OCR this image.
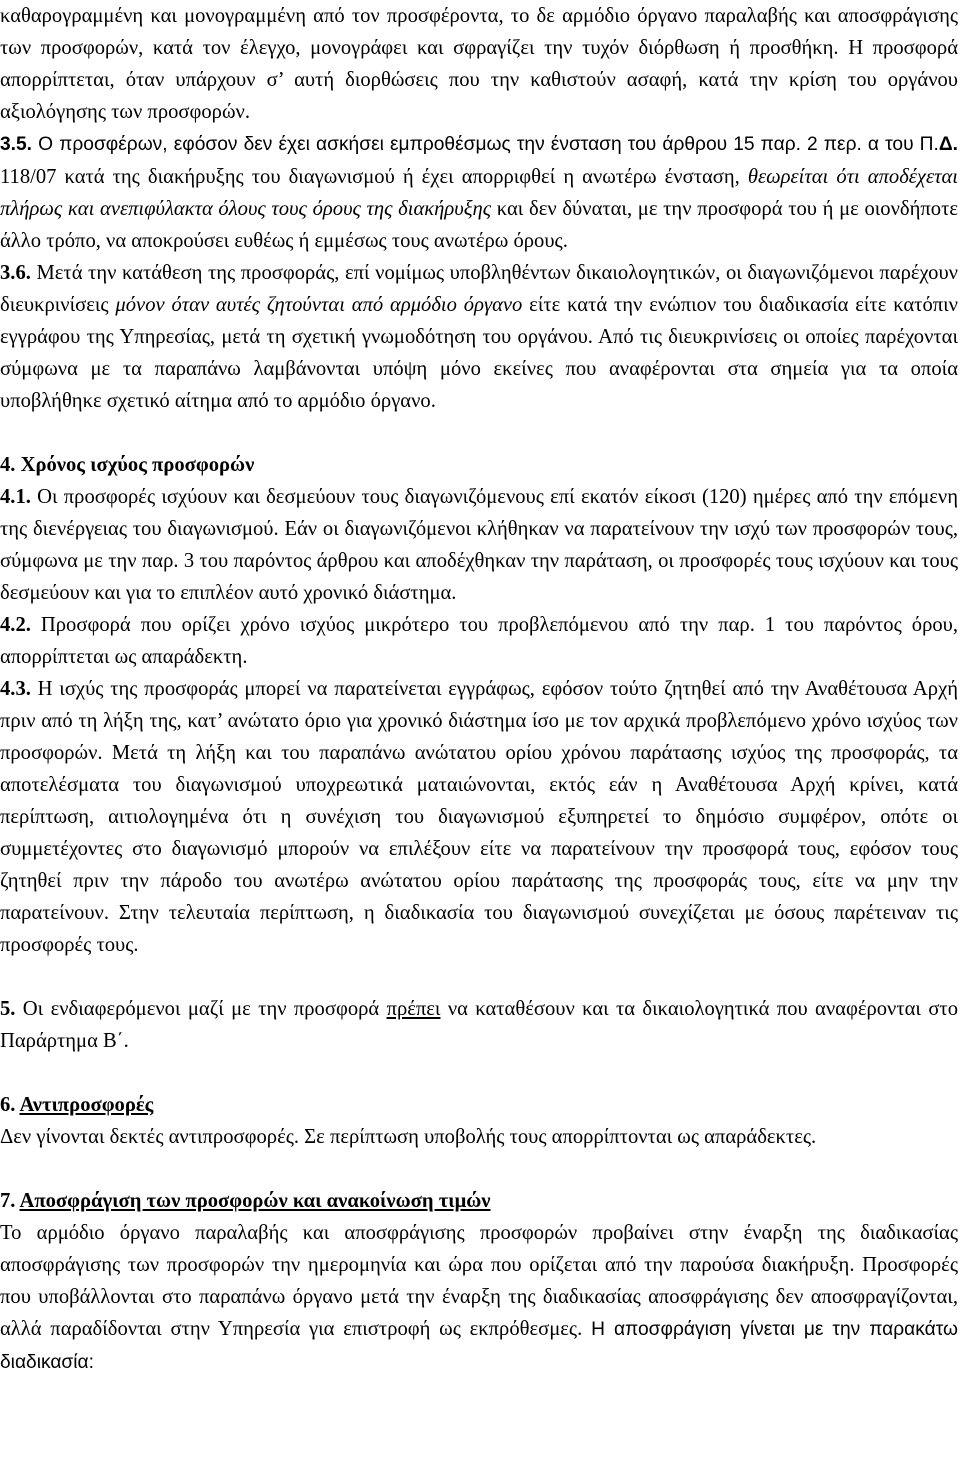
καθαρογραμμένη και μονογραμμένη από τον προσφέροντα, το δε αρμόδιο όργανο παραλαβής και αποσφράγισης των προσφορών, κατά τον έλεγχο, μονογράφει και σφραγίζει την τυχόν διόρθωση ή προσθήκη. Η προσφορά απορρίπτεται, όταν υπάρχουν σ’ αυτή διορθώσεις που την καθιστούν ασαφή, κατά την κρίση του οργάνου αξιολόγησης των προσφορών.

3.5. Ο προσφέρων, εφόσον δεν έχει ασκήσει εμπροθέσμως την ένσταση του άρθρου 15 παρ. 2 περ. α του Π.Δ. 118/07 κατά της διακήρυξης του διαγωνισμού ή έχει απορριφθεί η ανωτέρω ένσταση, θεωρείται ότι αποδέχεται πλήρως και ανεπιφύλακτα όλους τους όρους της διακήρυξης και δεν δύναται, με την προσφορά του ή με οιονδήποτε άλλο τρόπο, να αποκρούσει ευθέως ή εμμέσως τους ανωτέρω όρους.

3.6. Μετά την κατάθεση της προσφοράς, επί νομίμως υποβληθέντων δικαιολογητικών, οι διαγωνιζόμενοι παρέχουν διευκρινίσεις μόνον όταν αυτές ζητούνται από αρμόδιο όργανο είτε κατά την ενώπιον του διαδικασία είτε κατόπιν εγγράφου της Υπηρεσίας, μετά τη σχετική γνωμοδότηση του οργάνου. Από τις διευκρινίσεις οι οποίες παρέχονται σύμφωνα με τα παραπάνω λαμβάνονται υπόψη μόνο εκείνες που αναφέρονται στα σημεία για τα οποία υποβλήθηκε σχετικό αίτημα από το αρμόδιο όργανο.

4. Χρόνος ισχύος προσφορών

4.1. Οι προσφορές ισχύουν και δεσμεύουν τους διαγωνιζόμενους επί εκατόν είκοσι (120) ημέρες από την επόμενη της διενέργειας του διαγωνισμού. Εάν οι διαγωνιζόμενοι κλήθηκαν να παρατείνουν την ισχύ των προσφορών τους, σύμφωνα με την παρ. 3 του παρόντος άρθρου και αποδέχθηκαν την παράταση, οι προσφορές τους ισχύουν και τους δεσμεύουν και για το επιπλέον αυτό χρονικό διάστημα.

4.2. Προσφορά που ορίζει χρόνο ισχύος μικρότερο του προβλεπόμενου από την παρ. 1 του παρόντος όρου, απορρίπτεται ως απαράδεκτη.

4.3. Η ισχύς της προσφοράς μπορεί να παρατείνεται εγγράφως, εφόσον τούτο ζητηθεί από την Αναθέτουσα Αρχή πριν από τη λήξη της, κατ’ ανώτατο όριο για χρονικό διάστημα ίσο με τον αρχικά προβλεπόμενο χρόνο ισχύος των προσφορών. Μετά τη λήξη και του παραπάνω ανώτατου ορίου χρόνου παράτασης ισχύος της προσφοράς, τα αποτελέσματα του διαγωνισμού υποχρεωτικά ματαιώνονται, εκτός εάν η Αναθέτουσα Αρχή κρίνει, κατά περίπτωση, αιτιολογημένα ότι η συνέχιση του διαγωνισμού εξυπηρετεί το δημόσιο συμφέρον, οπότε οι συμμετέχοντες στο διαγωνισμό μπορούν να επιλέξουν είτε να παρατείνουν την προσφορά τους, εφόσον τους ζητηθεί πριν την πάροδο του ανωτέρω ανώτατου ορίου παράτασης της προσφοράς τους, είτε να μην την παρατείνουν. Στην τελευταία περίπτωση, η διαδικασία του διαγωνισμού συνεχίζεται με όσους παρέτειναν τις προσφορές τους.

5. Οι ενδιαφερόμενοι μαζί με την προσφορά πρέπει να καταθέσουν και τα δικαιολογητικά που αναφέρονται στο Παράρτημα Β΄.

6. Αντιπροσφορές

Δεν γίνονται δεκτές αντιπροσφορές. Σε περίπτωση υποβολής τους απορρίπτονται ως απαράδεκτες.

7. Αποσφράγιση των προσφορών και ανακοίνωση τιμών

Το αρμόδιο όργανο παραλαβής και αποσφράγισης προσφορών προβαίνει στην έναρξη της διαδικασίας αποσφράγισης των προσφορών την ημερομηνία και ώρα που ορίζεται από την παρούσα διακήρυξη. Προσφορές που υποβάλλονται στο παραπάνω όργανο μετά την έναρξη της διαδικασίας αποσφράγισης δεν αποσφραγίζονται, αλλά παραδίδονται στην Υπηρεσία για επιστροφή ως εκπρόθεσμες. Η αποσφράγιση γίνεται με την παρακάτω διαδικασία:
